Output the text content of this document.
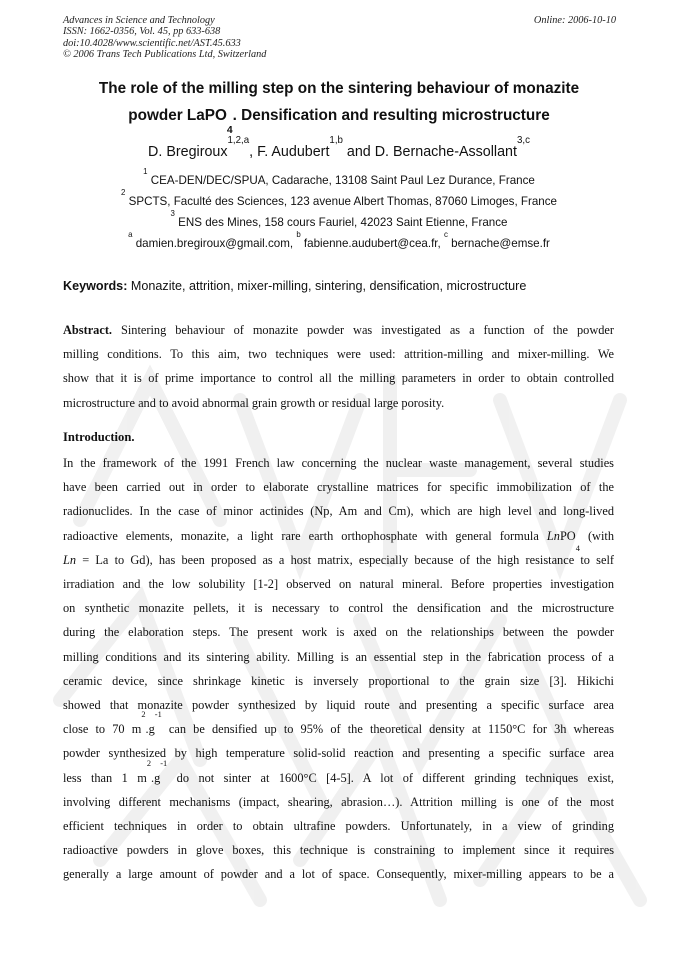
Advances in Science and Technology
ISSN: 1662-0356, Vol. 45, pp 633-638
doi:10.4028/www.scientific.net/AST.45.633
© 2006 Trans Tech Publications Ltd, Switzerland
Online: 2006-10-10
The role of the milling step on the sintering behaviour of monazite
powder LaPO$_4$. Densification and resulting microstructure
D. Bregiroux$^{1,2,a}$, F. Audubert$^{1,b}$ and D. Bernache-Assollant$^{3,c}$
$^1$ CEA-DEN/DEC/SPUA, Cadarache, 13108 Saint Paul Lez Durance, France
$^2$ SPCTS, Faculté des Sciences, 123 avenue Albert Thomas, 87060 Limoges, France
$^3$ ENS des Mines, 158 cours Fauriel, 42023 Saint Etienne, France
$^a$ damien.bregiroux@gmail.com, $^b$ fabienne.audubert@cea.fr, $^c$ bernache@emse.fr
Keywords: Monazite, attrition, mixer-milling, sintering, densification, microstructure
Abstract. Sintering behaviour of monazite powder was investigated as a function of the powder
milling conditions. To this aim, two techniques were used: attrition-milling and mixer-milling. We
show that it is of prime importance to control all the milling parameters in order to obtain controlled
microstructure and to avoid abnormal grain growth or residual large porosity.
Introduction.
In the framework of the 1991 French law concerning the nuclear waste management, several studies
have been carried out in order to elaborate crystalline matrices for specific immobilization of the
radionuclides. In the case of minor actinides (Np, Am and Cm), which are high level and long-lived
radioactive elements, monazite, a light rare earth orthophosphate with general formula LnPO$_4$ (with
Ln = La to Gd), has been proposed as a host matrix, especially because of the high resistance to self
irradiation and the low solubility [1-2] observed on natural mineral. Before properties investigation
on synthetic monazite pellets, it is necessary to control the densification and the microstructure
during the elaboration steps. The present work is axed on the relationships between the powder
milling conditions and its sintering ability. Milling is an essential step in the fabrication process of a
ceramic device, since shrinkage kinetic is inversely proportional to the grain size [3]. Hikichi
showed that monazite powder synthesized by liquid route and presenting a specific surface area
close to 70 $m^2.g^{-1}$ can be densified up to 95% of the theoretical density at 1150°C for 3h whereas
powder synthesized by high temperature solid-solid reaction and presenting a specific surface area
less than 1 $m^2.g^{-1}$ do not sinter at 1600°C [4-5]. A lot of different grinding techniques exist,
involving different mechanisms (impact, shearing, abrasion…). Attrition milling is one of the most
efficient techniques in order to obtain ultrafine powders. Unfortunately, in a view of grinding
radioactive powders in glove boxes, this technique is constraining to implement since it requires
generally a large amount of powder and a lot of space. Consequently, mixer-milling appears to be a
